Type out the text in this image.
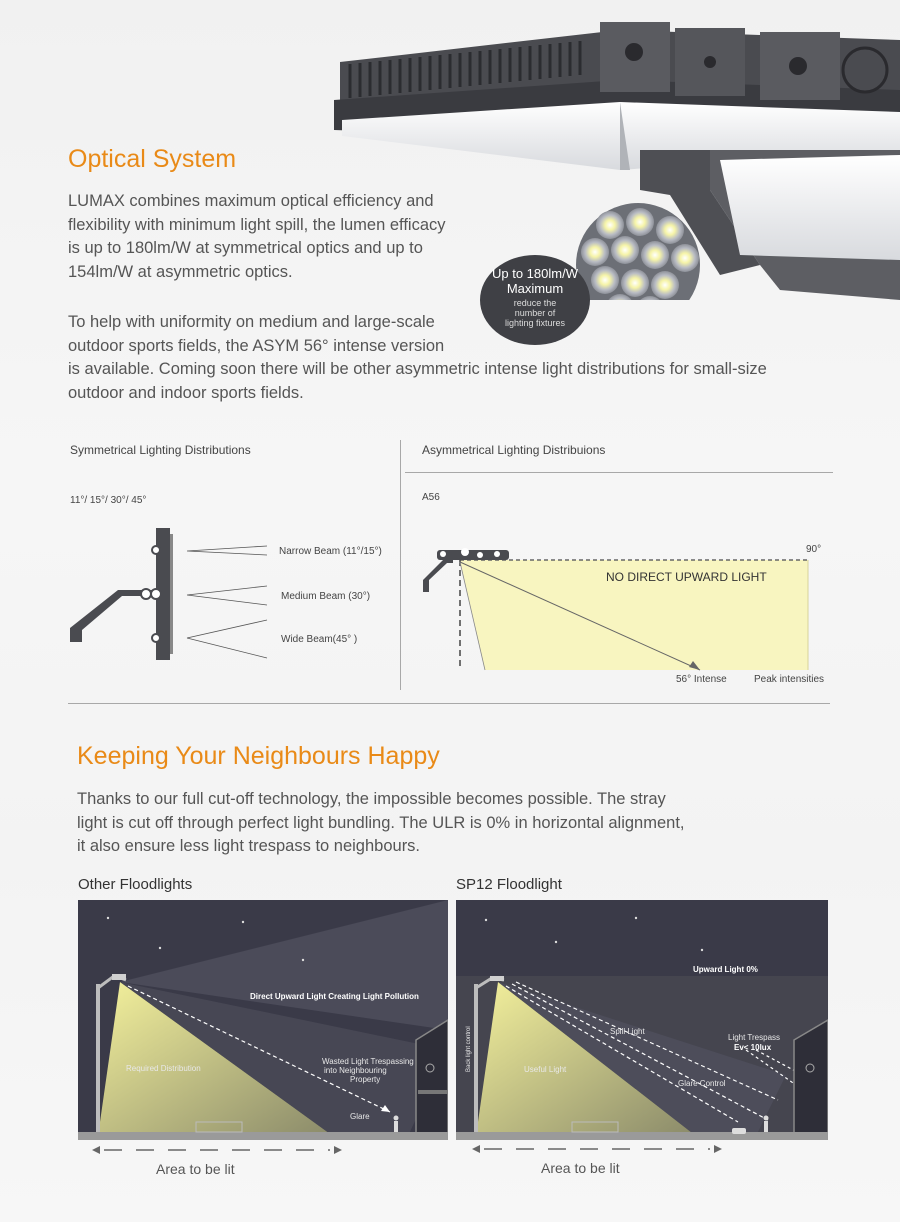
Up to 180lm/W
Maximum
reduce the
number of
lighting fixtures
Optical System
LUMAX combines maximum optical efficiency and
flexibility with minimum light spill, the lumen efficacy
is up to 180lm/W at symmetrical optics and up to
154lm/W at asymmetric optics.
To help with uniformity on medium and large-scale
outdoor sports fields, the ASYM 56° intense version
is available. Coming soon there will be other asymmetric intense light distributions for small-size
outdoor and indoor sports fields.
Symmetrical Lighting Distributions	Asymmetrical Lighting Distribuions
11°/ 15°/ 30°/ 45°	A56
Narrow Beam (11°/15°)
Medium Beam (30°)
Wide Beam(45° )
90°
NO DIRECT UPWARD LIGHT
56° Intense	Peak intensities
Keeping Your Neighbours Happy
Thanks to our full cut-off technology, the impossible becomes possible. The stray
light is cut off through perfect light bundling. The ULR is 0% in horizontal alignment,
it also ensure less light trespass to neighbours.
Other Floodlights	SP12 Floodlight
Direct Upward Light Creating Light Pollution
Required Distribution
Wasted Light Trespassing
into Neighbouring
Property
Glare
Upward Light 0%
Spill Light
Light Trespass
Ev< 10lux
Useful Light
Glare Control
Back light control
Area to be lit	Area to be lit
